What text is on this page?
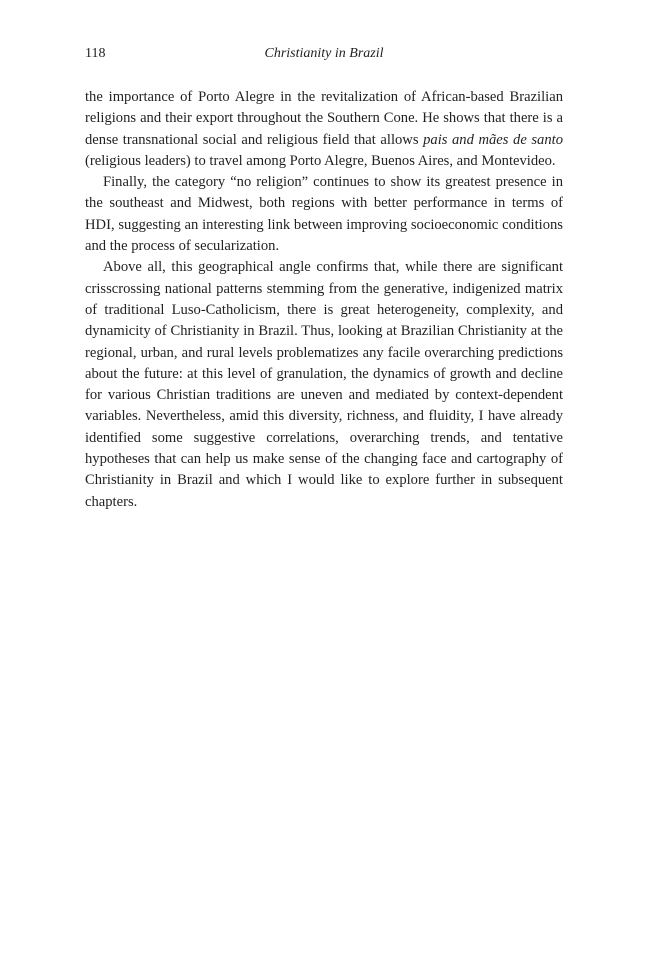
118	Christianity in Brazil

the importance of Porto Alegre in the revitalization of African-based Brazilian religions and their export throughout the Southern Cone. He shows that there is a dense transnational social and religious field that allows pais and mães de santo (religious leaders) to travel among Porto Alegre, Buenos Aires, and Montevideo.

Finally, the category “no religion” continues to show its greatest presence in the southeast and Midwest, both regions with better performance in terms of HDI, suggesting an interesting link between improving socioeconomic conditions and the process of secularization.

Above all, this geographical angle confirms that, while there are significant crisscrossing national patterns stemming from the generative, indigenized matrix of traditional Luso-Catholicism, there is great heterogeneity, complexity, and dynamicity of Christianity in Brazil. Thus, looking at Brazilian Christianity at the regional, urban, and rural levels problematizes any facile overarching predictions about the future: at this level of granulation, the dynamics of growth and decline for various Christian traditions are uneven and mediated by context-dependent variables. Nevertheless, amid this diversity, richness, and fluidity, I have already identified some suggestive correlations, overarching trends, and tentative hypotheses that can help us make sense of the changing face and cartography of Christianity in Brazil and which I would like to explore further in subsequent chapters.
